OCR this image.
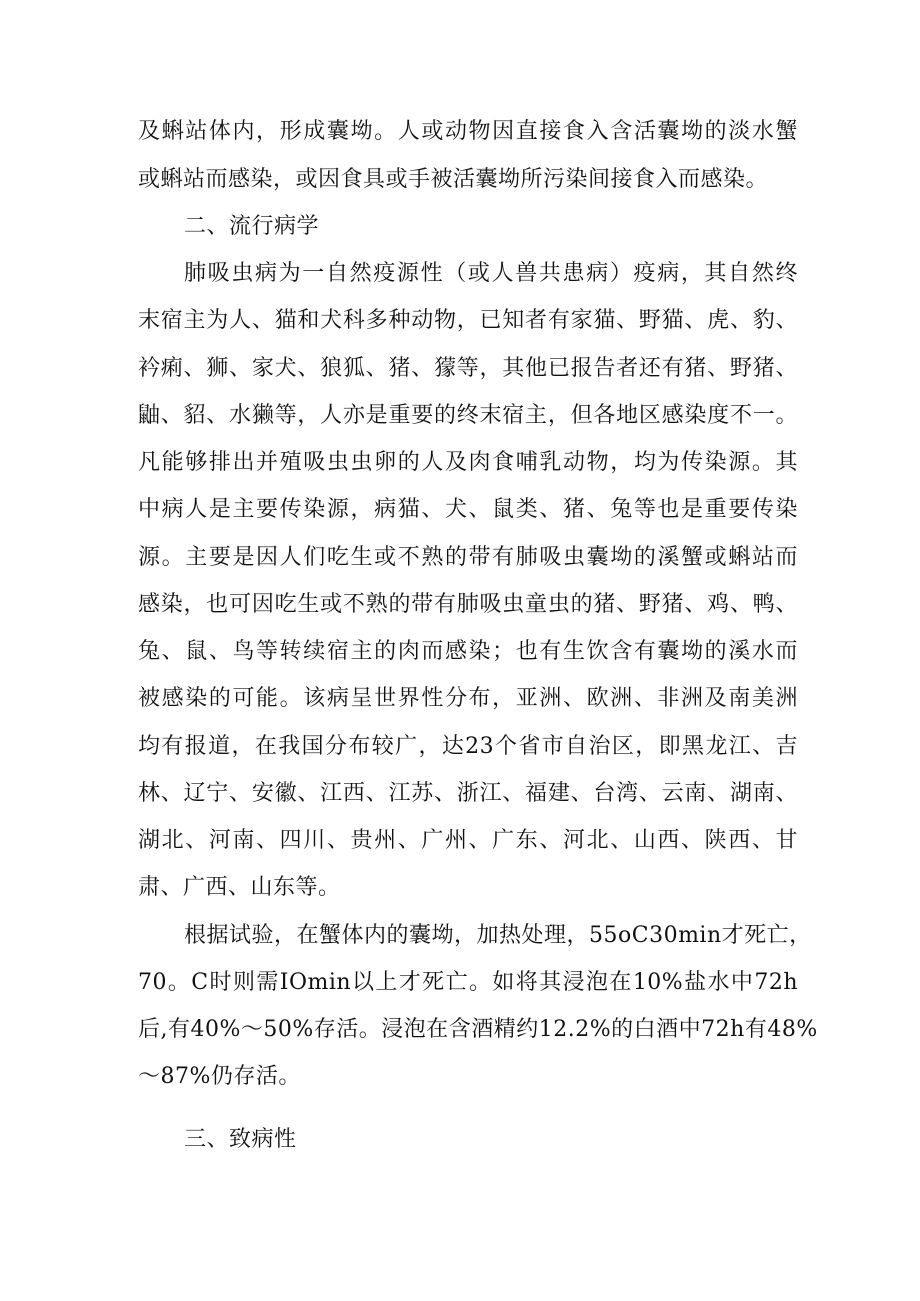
及蝌站体内，形成囊坳。人或动物因直接食入含活囊坳的淡水蟹
或蝌站而感染，或因食具或手被活囊坳所污染间接食入而感染。
二、流行病学
肺吸虫病为一自然疫源性（或人兽共患病）疫病，其自然终
末宿主为人、猫和犬科多种动物，已知者有家猫、野猫、虎、豹、
衿痢、狮、家犬、狼狐、猪、獴等，其他已报告者还有猪、野猪、
鼬、貂、水獭等，人亦是重要的终末宿主，但各地区感染度不一。
凡能够排出并殖吸虫虫卵的人及肉食哺乳动物，均为传染源。其
中病人是主要传染源，病猫、犬、鼠类、猪、兔等也是重要传染
源。主要是因人们吃生或不熟的带有肺吸虫囊坳的溪蟹或蝌站而
感染，也可因吃生或不熟的带有肺吸虫童虫的猪、野猪、鸡、鸭、
兔、鼠、鸟等转续宿主的肉而感染；也有生饮含有囊坳的溪水而
被感染的可能。该病呈世界性分布，亚洲、欧洲、非洲及南美洲
均有报道，在我国分布较广，达23个省市自治区，即黑龙江、吉
林、辽宁、安徽、江西、江苏、浙江、福建、台湾、云南、湖南、
湖北、河南、四川、贵州、广州、广东、河北、山西、陕西、甘
肃、广西、山东等。
根据试验，在蟹体内的囊坳，加热处理，55oC30min才死亡，
70。C时则需IOmin以上才死亡。如将其浸泡在10%盐水中72h
后,有40%～50%存活。浸泡在含酒精约12.2%的白酒中72h有48%
～87%仍存活。
三、致病性
